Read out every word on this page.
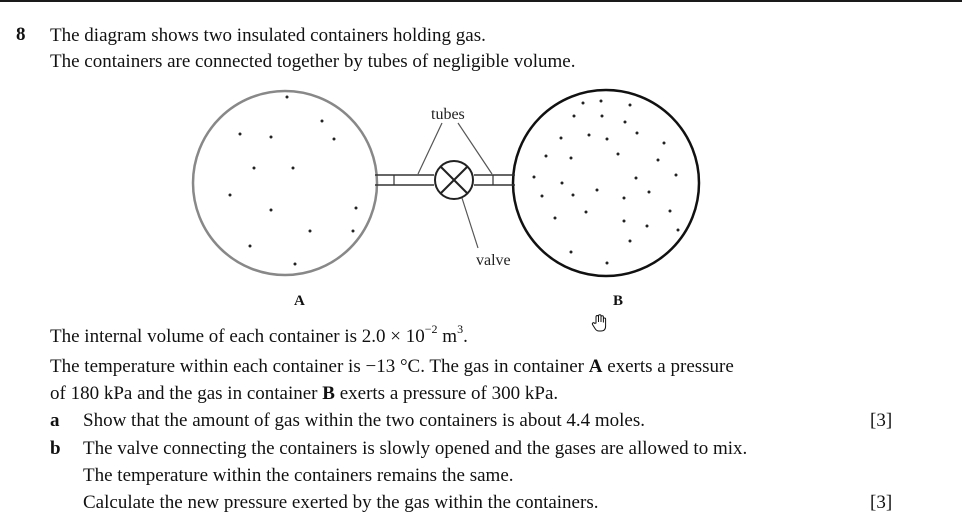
8 The diagram shows two insulated containers holding gas.
The containers are connected together by tubes of negligible volume.
tubes
valve
A	B
The internal volume of each container is $2.0 \times 10^{-2}$ $m^3$.
The temperature within each container is −13 °C. The gas in container A exerts a pressure
of 180 kPa and the gas in container B exerts a pressure of 300 kPa.
a Show that the amount of gas within the two containers is about 4.4 moles.	[3]
b The valve connecting the containers is slowly opened and the gases are allowed to mix.
The temperature within the containers remains the same.
Calculate the new pressure exerted by the gas within the containers.	[3]
